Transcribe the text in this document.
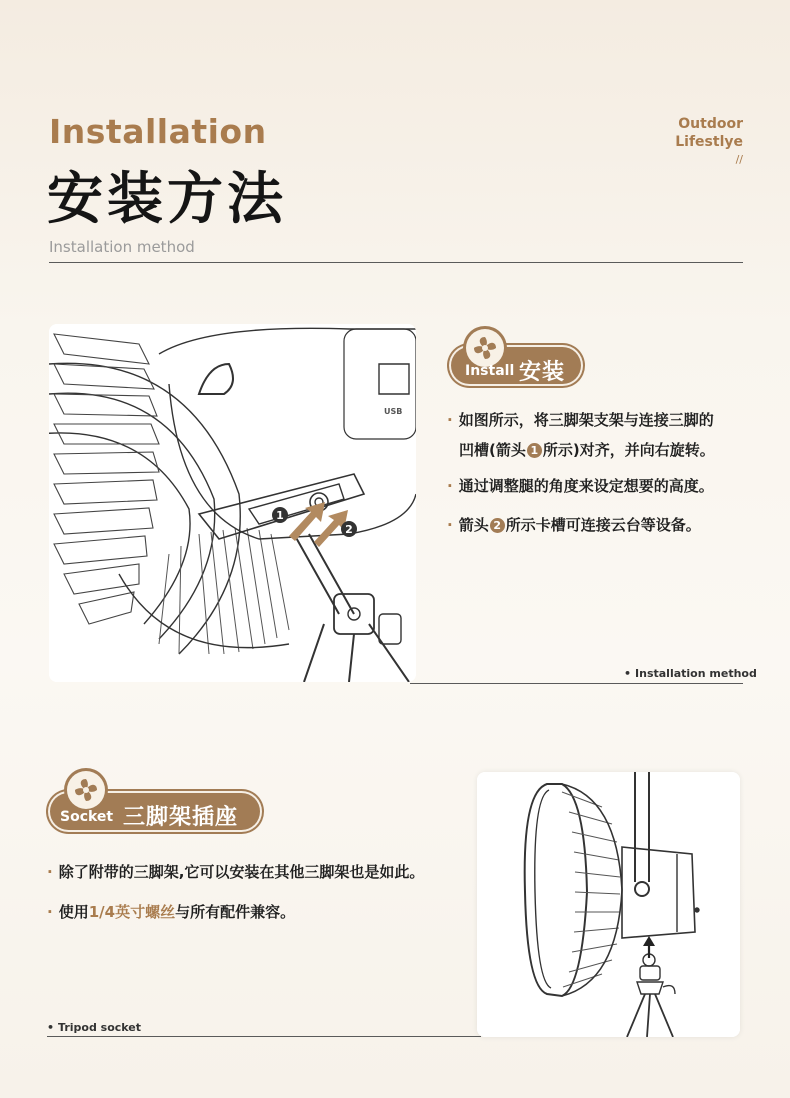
Installation
安装方法
Installation method
Outdoor
Lifestlye
//
1
2
USB
Install 安装
· 如图所示，将三脚架支架与连接三脚的
凹槽(箭头 1 所示)对齐，并向右旋转。
· 通过调整腿的角度来设定想要的高度。
· 箭头 2 所示卡槽可连接云台等设备。
• Installation method
Socket 三脚架插座
· 除了附带的三脚架,它可以安装在其他三脚架也是如此。
· 使用1/4英寸螺丝与所有配件兼容。
• Tripod socket
